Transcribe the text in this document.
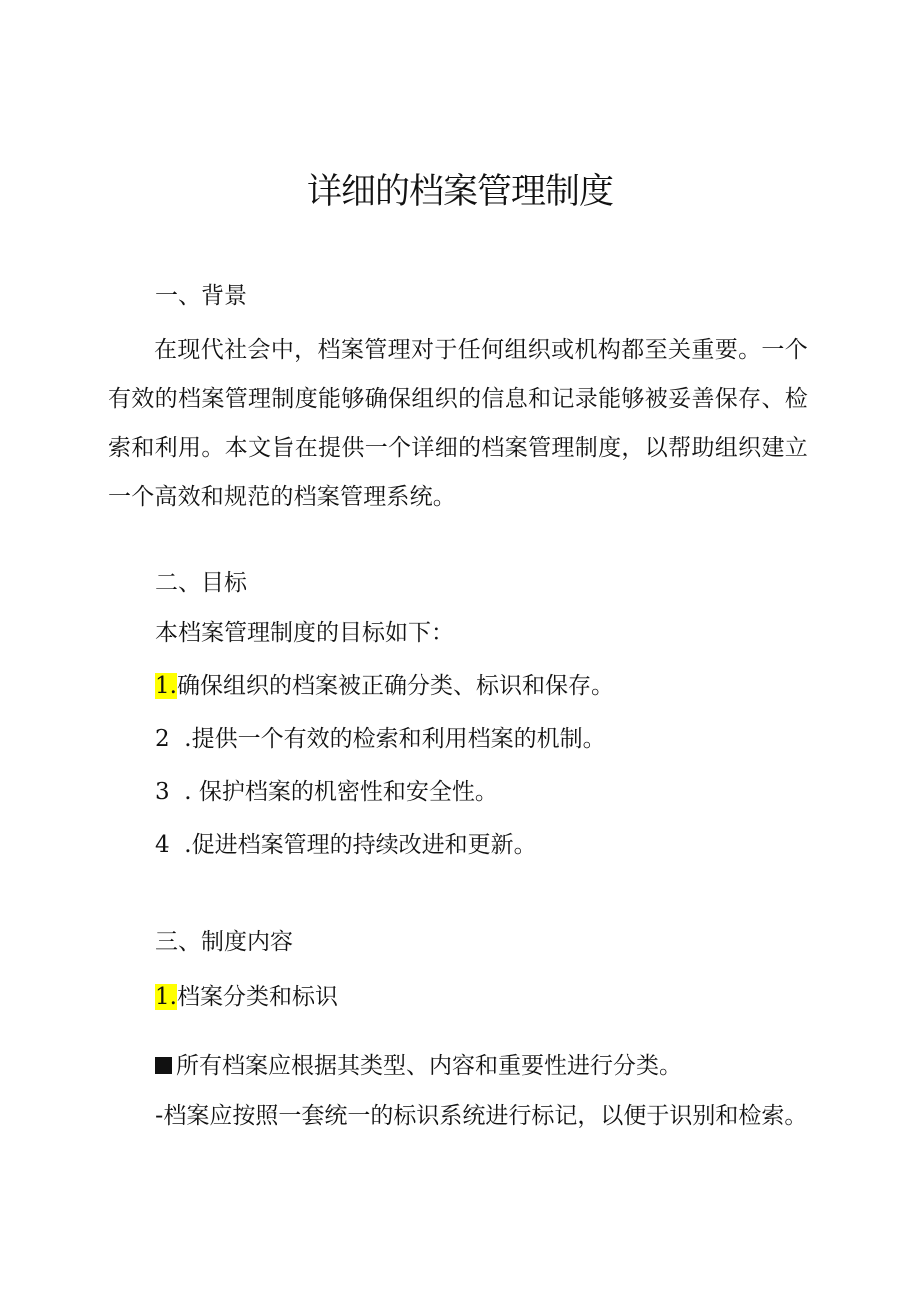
详细的档案管理制度

一、背景

在现代社会中，档案管理对于任何组织或机构都至关重要。一个有效的档案管理制度能够确保组织的信息和记录能够被妥善保存、检索和利用。本文旨在提供一个详细的档案管理制度，以帮助组织建立一个高效和规范的档案管理系统。

二、目标

本档案管理制度的目标如下：

1.确保组织的档案被正确分类、标识和保存。

2  .提供一个有效的检索和利用档案的机制。

3  . 保护档案的机密性和安全性。

4  .促进档案管理的持续改进和更新。

三、制度内容

1.档案分类和标识

所有档案应根据其类型、内容和重要性进行分类。

-档案应按照一套统一的标识系统进行标记，以便于识别和检索。
